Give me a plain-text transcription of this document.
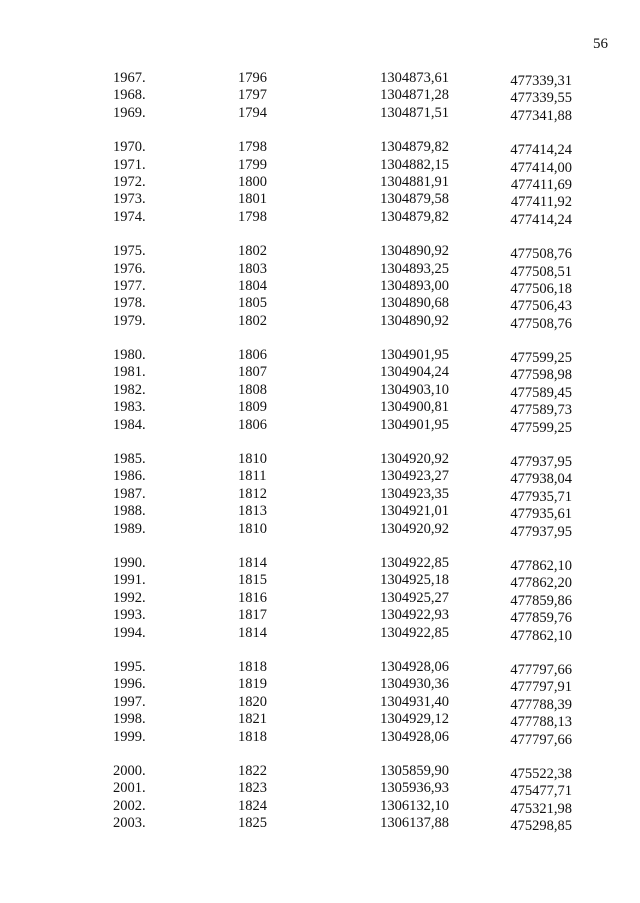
56
1967.	1796	1304873,61	477339,31
1968.	1797	1304871,28	477339,55
1969.	1794	1304871,51	477341,88
1970.	1798	1304879,82	477414,24
1971.	1799	1304882,15	477414,00
1972.	1800	1304881,91	477411,69
1973.	1801	1304879,58	477411,92
1974.	1798	1304879,82	477414,24
1975.	1802	1304890,92	477508,76
1976.	1803	1304893,25	477508,51
1977.	1804	1304893,00	477506,18
1978.	1805	1304890,68	477506,43
1979.	1802	1304890,92	477508,76
1980.	1806	1304901,95	477599,25
1981.	1807	1304904,24	477598,98
1982.	1808	1304903,10	477589,45
1983.	1809	1304900,81	477589,73
1984.	1806	1304901,95	477599,25
1985.	1810	1304920,92	477937,95
1986.	1811	1304923,27	477938,04
1987.	1812	1304923,35	477935,71
1988.	1813	1304921,01	477935,61
1989.	1810	1304920,92	477937,95
1990.	1814	1304922,85	477862,10
1991.	1815	1304925,18	477862,20
1992.	1816	1304925,27	477859,86
1993.	1817	1304922,93	477859,76
1994.	1814	1304922,85	477862,10
1995.	1818	1304928,06	477797,66
1996.	1819	1304930,36	477797,91
1997.	1820	1304931,40	477788,39
1998.	1821	1304929,12	477788,13
1999.	1818	1304928,06	477797,66
2000.	1822	1305859,90	475522,38
2001.	1823	1305936,93	475477,71
2002.	1824	1306132,10	475321,98
2003.	1825	1306137,88	475298,85
